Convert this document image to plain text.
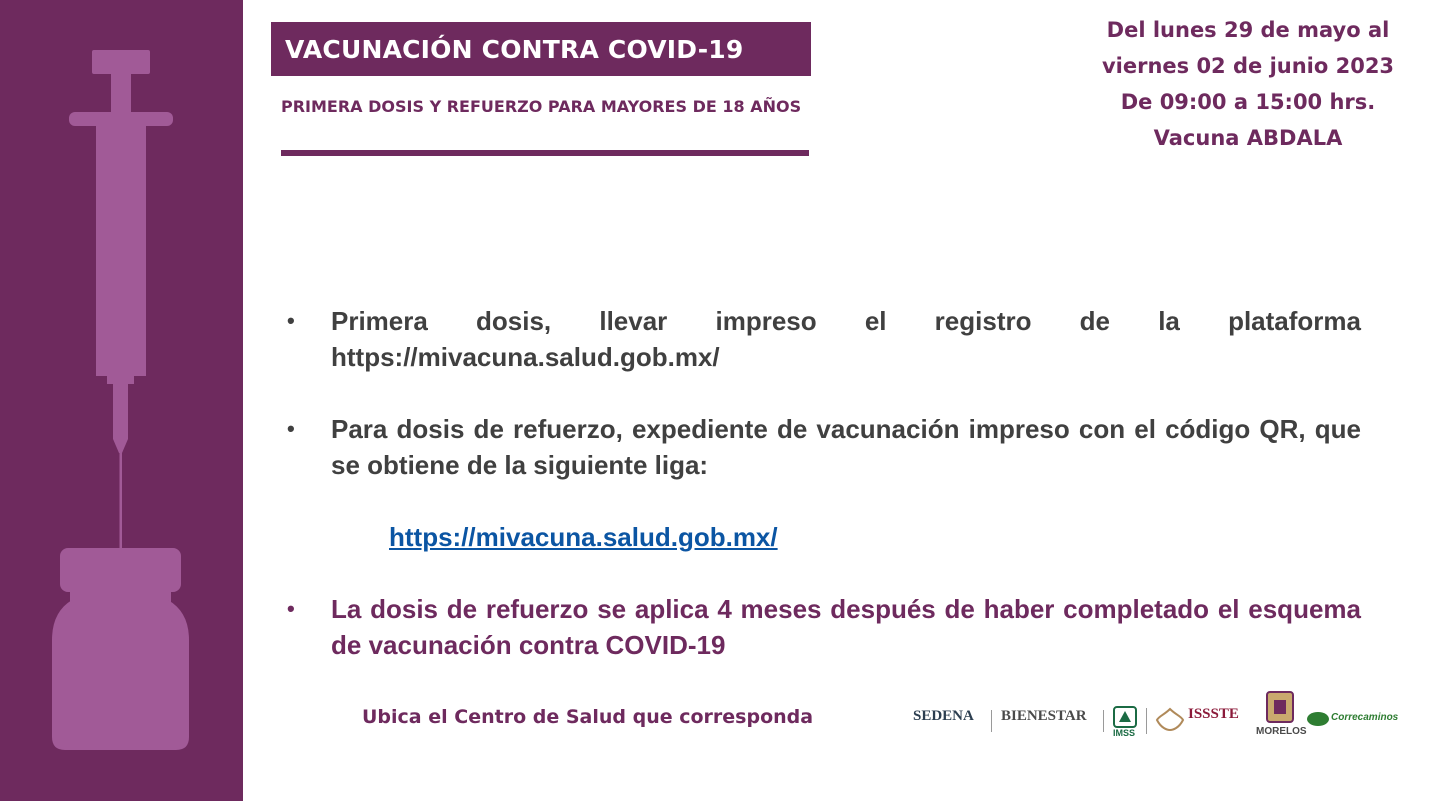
VACUNACIÓN CONTRA COVID-19
PRIMERA DOSIS Y REFUERZO PARA MAYORES DE 18 AÑOS
Del lunes 29 de mayo al
viernes 02 de junio 2023
De 09:00 a 15:00 hrs.
Vacuna ABDALA
• Primera dosis, llevar impreso el registro de la plataforma https://mivacuna.salud.gob.mx/
• Para dosis de refuerzo, expediente de vacunación impreso con el código QR, que se obtiene de la siguiente liga:
https://mivacuna.salud.gob.mx/
• La dosis de refuerzo se aplica 4 meses después de haber completado el esquema de vacunación contra COVID-19
Ubica el Centro de Salud que corresponda	SEDENA BIENESTAR
IMSS
ISSSTE
MORELOS
Correcaminos
